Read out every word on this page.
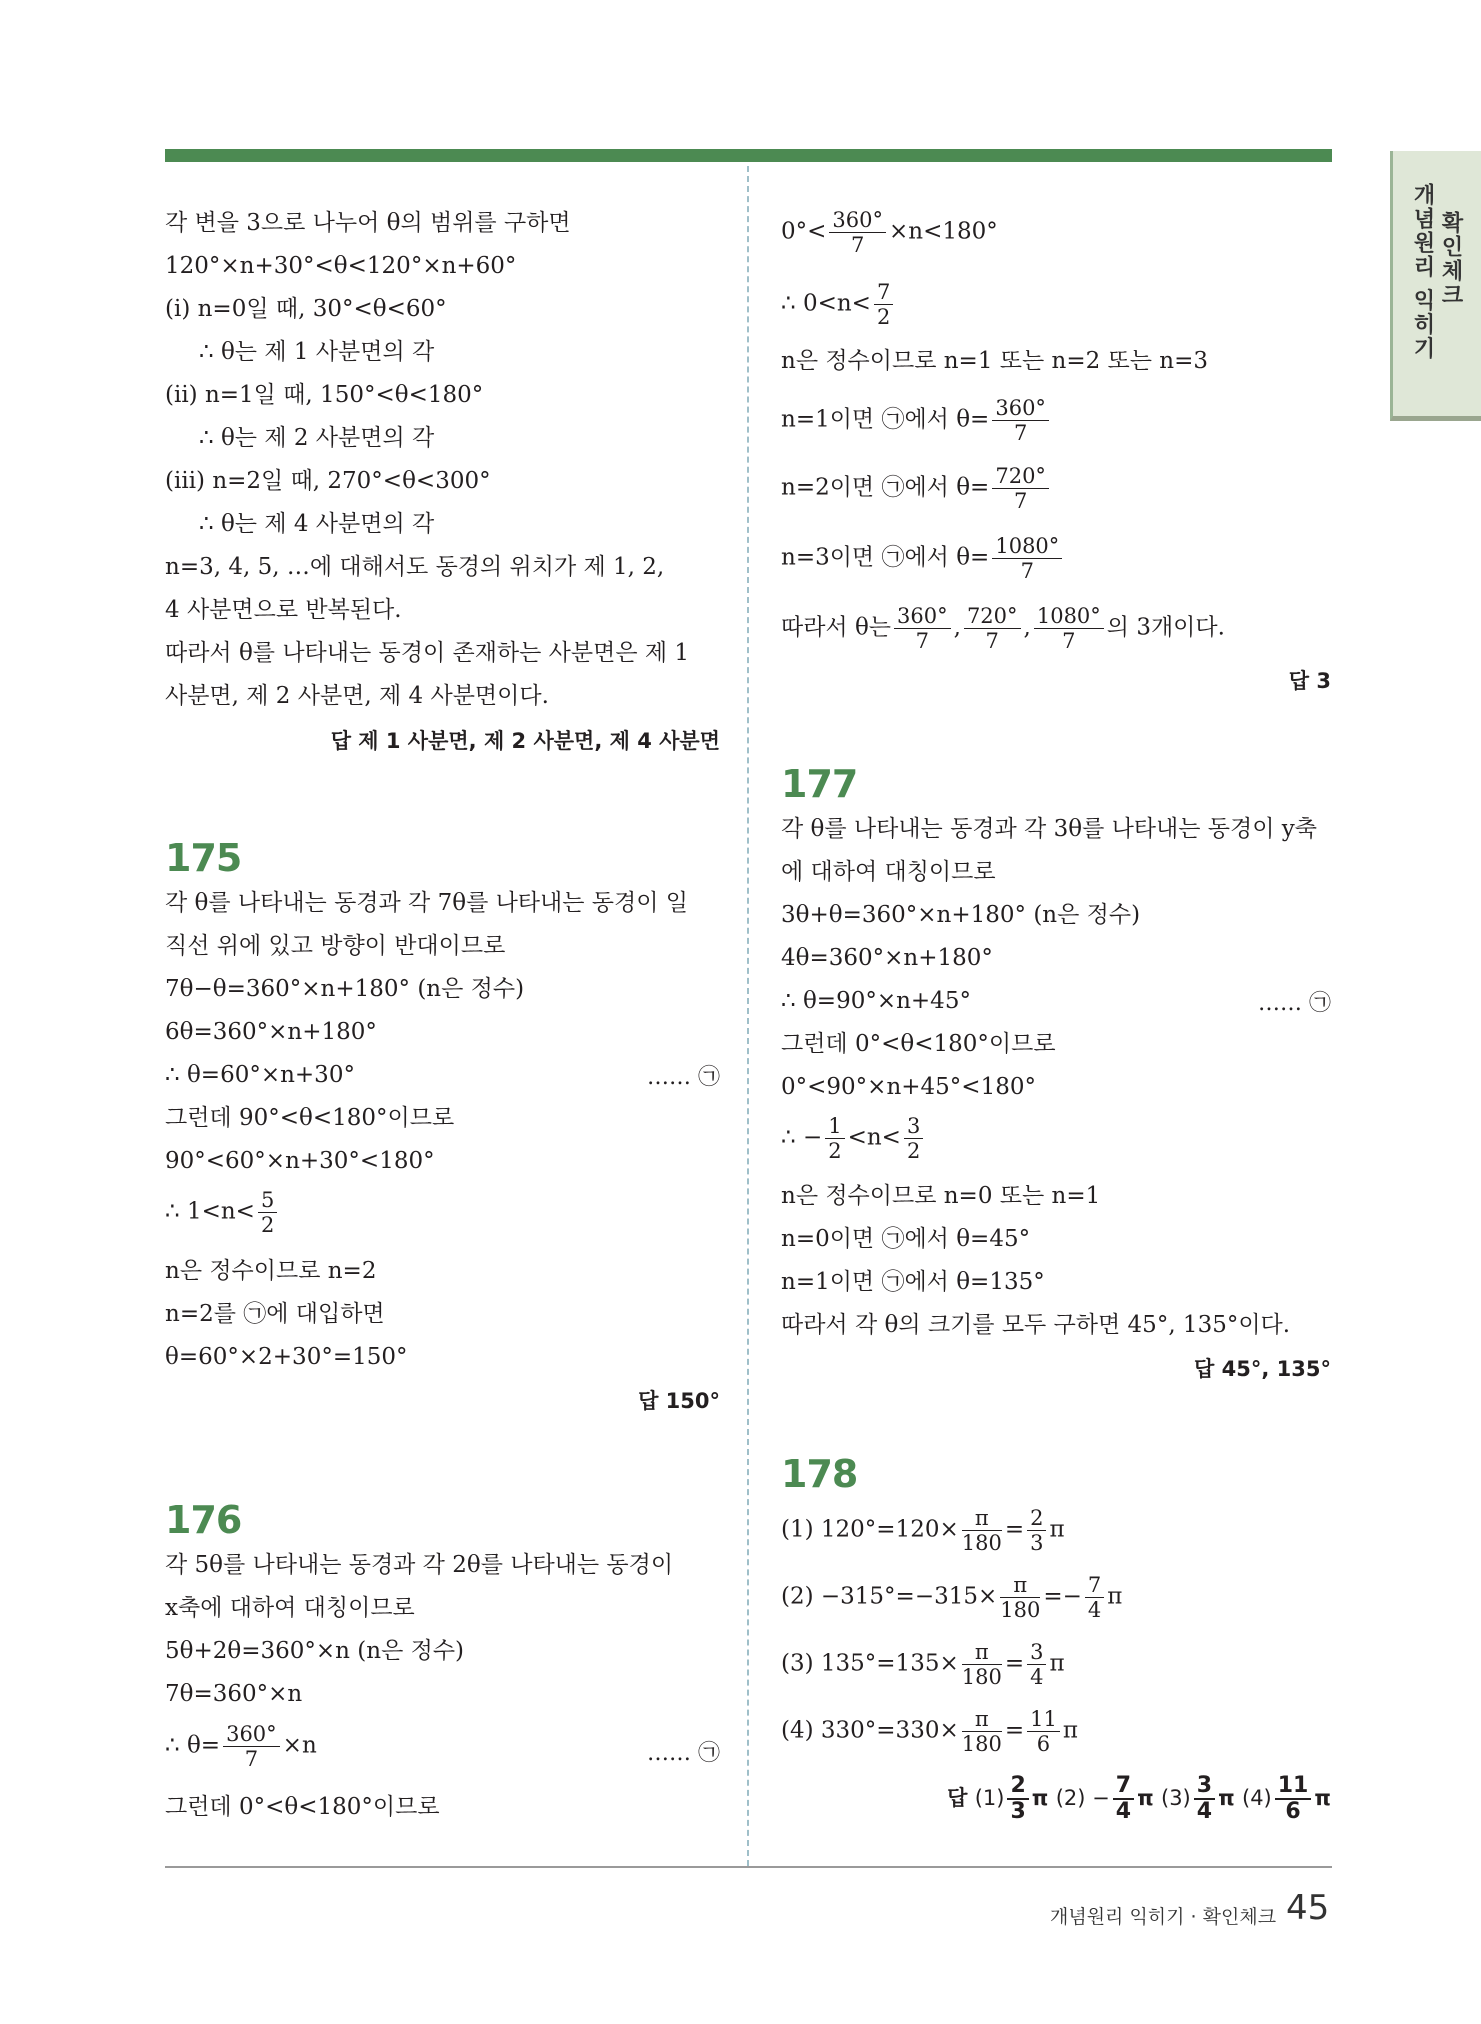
개념원리 익히기 확인체크
각 변을 3으로 나누어 θ의 범위를 구하면
120°×n+30°<θ<120°×n+60°
(ⅰ) n=0일 때, 30°<θ<60°
∴ θ는 제 1 사분면의 각
(ⅱ) n=1일 때, 150°<θ<180°
∴ θ는 제 2 사분면의 각
(ⅲ) n=2일 때, 270°<θ<300°
∴ θ는 제 4 사분면의 각
n=3, 4, 5, …에 대해서도 동경의 위치가 제 1, 2,
4 사분면으로 반복된다.
따라서 θ를 나타내는 동경이 존재하는 사분면은 제 1
사분면, 제 2 사분면, 제 4 사분면이다.
답 제 1 사분면, 제 2 사분면, 제 4 사분면
175
각 θ를 나타내는 동경과 각 7θ를 나타내는 동경이 일
직선 위에 있고 방향이 반대이므로
7θ−θ=360°×n+180° (n은 정수)
6θ=360°×n+180°
∴ θ=60°×n+30°	…… ㉠
그런데 90°<θ<180°이므로
90°<60°×n+30°<180°
∴ $1<n< \frac{5}{2}$
n은 정수이므로 n=2
n=2를 ㉠에 대입하면
θ=60°×2+30°=150°
답 150°
176
각 5θ를 나타내는 동경과 각 2θ를 나타내는 동경이
x축에 대하여 대칭이므로
5θ+2θ=360°×n (n은 정수)
7θ=360°×n
∴ $\theta= \frac{360^\circ}{7} \times n$	…… ㉠
그런데 0°<θ<180°이므로
$0^\circ< \frac{360^\circ}{7} \times n<180^\circ$
∴ $0<n< \frac{7}{2}$
n은 정수이므로 n=1 또는 n=2 또는 n=3
n=1이면 ㉠에서 $\theta= \frac{360^\circ}{7}$
n=2이면 ㉠에서 $\theta= \frac{720^\circ}{7}$
n=3이면 ㉠에서 $\theta= \frac{1080^\circ}{7}$
따라서 θ는 $\frac{360^\circ}{7}$ , $\frac{720^\circ}{7}$ , $\frac{1080^\circ}{7}$ 의 3개이다.
답 3
177
각 θ를 나타내는 동경과 각 3θ를 나타내는 동경이 y축
에 대하여 대칭이므로
3θ+θ=360°×n+180° (n은 정수)
4θ=360°×n+180°
∴ θ=90°×n+45°	…… ㉠
그런데 0°<θ<180°이므로
0°<90°×n+45°<180°
∴ − $\frac{1}{2} <n< \frac{3}{2}$
n은 정수이므로 n=0 또는 n=1
n=0이면 ㉠에서 θ=45°
n=1이면 ㉠에서 θ=135°
따라서 각 θ의 크기를 모두 구하면 45°, 135°이다.
답 45°, 135°
178
(1) $120^\circ=120\times \frac{\pi}{180} = \frac{2}{3}$ π
$(2) -315^\circ=-315\times \frac{\pi}{180} =- \frac{7}{4}$ π
(3) $135^\circ=135\times \frac{\pi}{180} = \frac{3}{4}$ π
(4) $330^\circ=330\times \frac{\pi}{180} = \frac{11}{6}$ π
답 $(1) \frac{2}{3}$ π $(2) - \frac{7}{4}$ π $(3) \frac{3}{4}$ π $(4) \frac{11}{6}$ π
개념원리 익히기 · 확인체크 45
